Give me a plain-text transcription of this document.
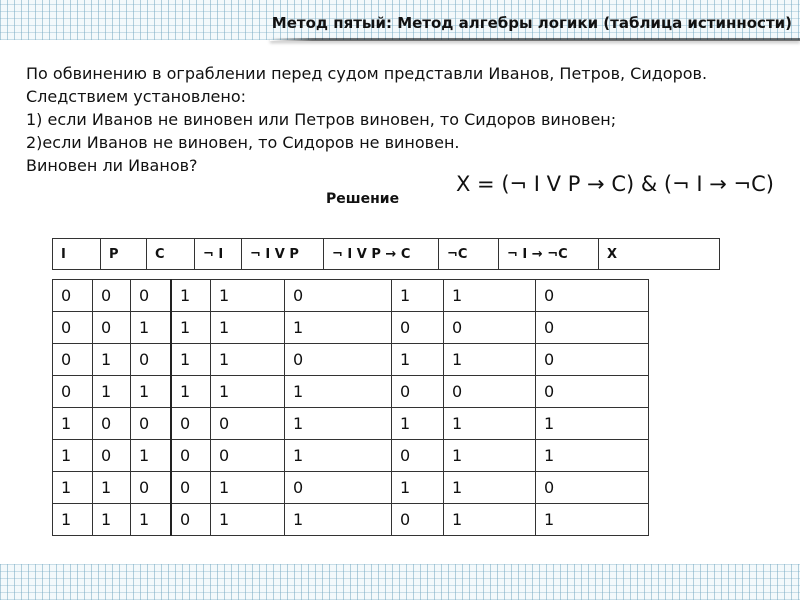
Метод пятый: Метод алгебры логики (таблица истинности)
По обвинению в ограблении перед судом представли Иванов, Петров, Сидоров.
Следствием установлено:
1) если Иванов не виновен или Петров виновен, то Сидоров виновен;
2)если Иванов не виновен, то Сидоров не виновен.
Виновен ли Иванов?
X = (¬ I V P → C) & (¬ I → ¬C)
Решение
I	P	C	¬ I	¬ I V P	¬ I V P → C	¬C	¬ I → ¬C	X
0	0	0	1	1	0	1	1	0
0	0	1	1	1	1	0	0	0
0	1	0	1	1	0	1	1	0
0	1	1	1	1	1	0	0	0
1	0	0	0	0	1	1	1	1
1	0	1	0	0	1	0	1	1
1	1	0	0	1	0	1	1	0
1	1	1	0	1	1	0	1	1
